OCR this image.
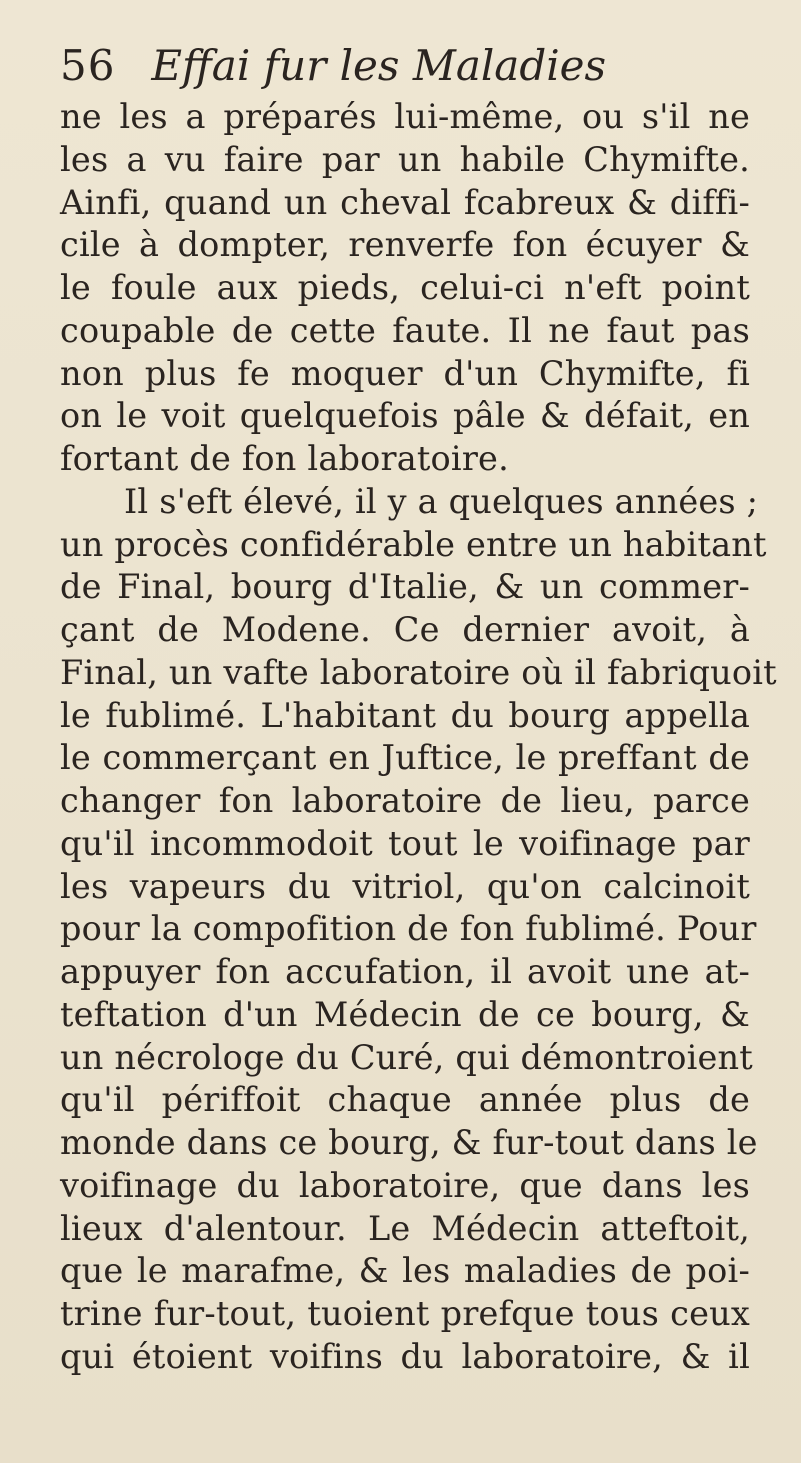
56 Effai fur les Maladies
ne les a préparés lui-même, ou s'il ne
les a vu faire par un habile Chymifte.
Ainfi, quand un cheval fcabreux & diffi-
cile à dompter, renverfe fon écuyer &
le foule aux pieds, celui-ci n'eft point
coupable de cette faute. Il ne faut pas
non plus fe moquer d'un Chymifte, fi
on le voit quelquefois pâle & défait, en
fortant de fon laboratoire.
Il s'eft élevé, il y a quelques années ;
un procès confidérable entre un habitant
de Final, bourg d'Italie, & un commer-
çant de Modene. Ce dernier avoit, à
Final, un vafte laboratoire où il fabriquoit
le fublimé. L'habitant du bourg appella
le commerçant en Juftice, le preffant de
changer fon laboratoire de lieu, parce
qu'il incommodoit tout le voifinage par
les vapeurs du vitriol, qu'on calcinoit
pour la compofition de fon fublimé. Pour
appuyer fon accufation, il avoit une at-
teftation d'un Médecin de ce bourg, &
un nécrologe du Curé, qui démontroient
qu'il périffoit chaque année plus de
monde dans ce bourg, & fur-tout dans le
voifinage du laboratoire, que dans les
lieux d'alentour. Le Médecin atteftoit,
que le marafme, & les maladies de poi-
trine fur-tout, tuoient prefque tous ceux
qui étoient voifins du laboratoire, & il
